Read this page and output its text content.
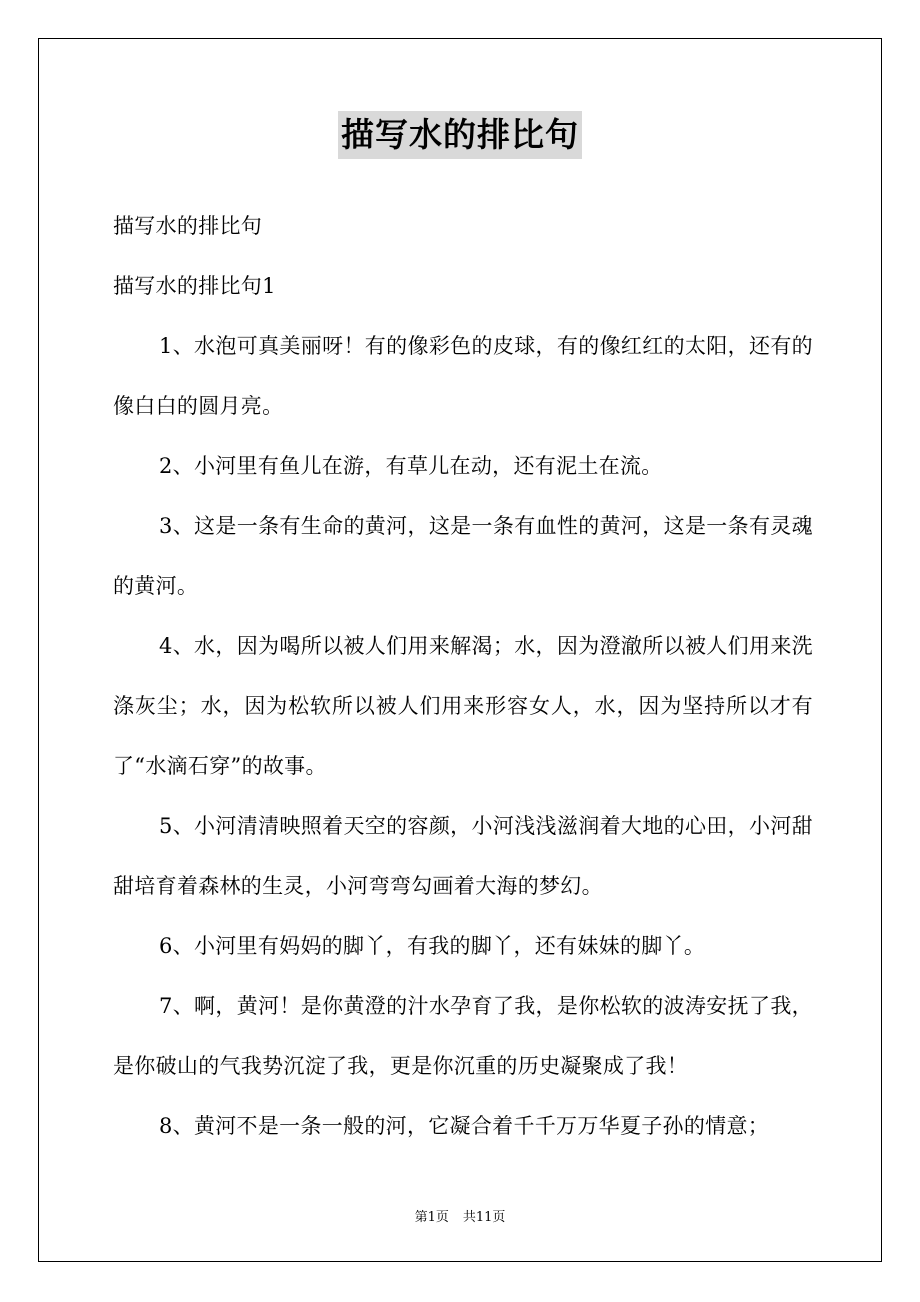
描写水的排比句

描写水的排比句

描写水的排比句1

1、水泡可真美丽呀！有的像彩色的皮球，有的像红红的太阳，还有的像白白的圆月亮。

2、小河里有鱼儿在游，有草儿在动，还有泥土在流。

3、这是一条有生命的黄河，这是一条有血性的黄河，这是一条有灵魂的黄河。

4、水，因为喝所以被人们用来解渴；水，因为澄澈所以被人们用来洗涤灰尘；水，因为松软所以被人们用来形容女人，水，因为坚持所以才有了“水滴石穿”的故事。

5、小河清清映照着天空的容颜，小河浅浅滋润着大地的心田，小河甜甜培育着森林的生灵，小河弯弯勾画着大海的梦幻。

6、小河里有妈妈的脚丫，有我的脚丫，还有妹妹的脚丫。

7、啊，黄河！是你黄澄的汁水孕育了我，是你松软的波涛安抚了我，是你破山的气我势沉淀了我，更是你沉重的历史凝聚成了我！

8、黄河不是一条一般的河，它凝合着千千万万华夏子孙的情意；

第1页 共11页
